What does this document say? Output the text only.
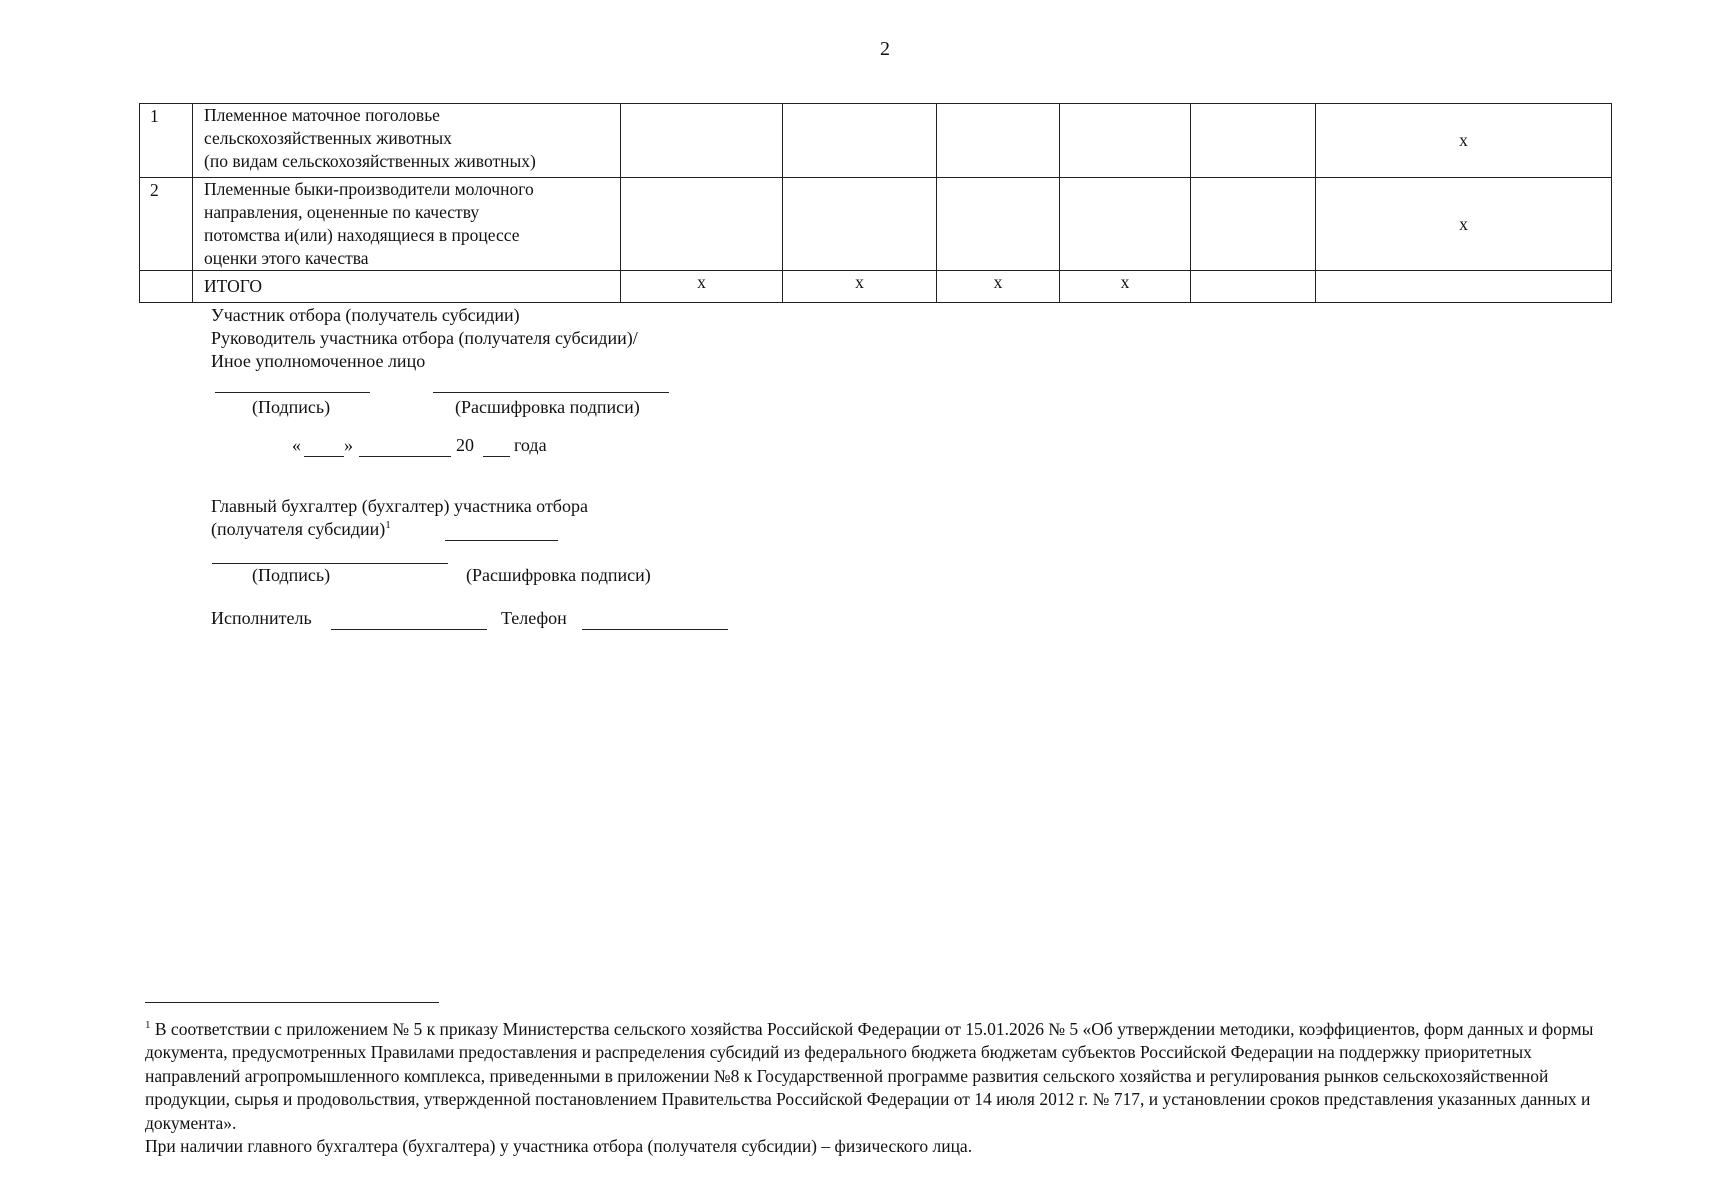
2
1	Племенное маточное поголовье
сельскохозяйственных животных
(по видам сельскохозяйственных животных)						x
2	Племенные быки-производители молочного
направления, оцененные по качеству
потомства и(или) находящиеся в процессе
оценки этого качества						x

	ИТОГО	x	x	x	x		
Участник отбора (получатель субсидии)
Руководитель участника отбора (получателя субсидии)/
Иное уполномоченное лицо
(Подпись)	(Расшифровка подписи)
« »	20 года
Главный бухгалтер (бухгалтер) участника отбора
(получателя субсидии)$^1$
(Подпись)	(Расшифровка подписи)
Исполнитель	Телефон

$^1$ В соответствии с приложением № 5 к приказу Министерства сельского хозяйства Российской Федерации от 15.01.2026 № 5 «Об утверждении методики, коэффициентов, форм данных и формы документа, предусмотренных Правилами предоставления и распределения субсидий из федерального бюджета бюджетам субъектов Российской Федерации на поддержку приоритетных направлений агропромышленного комплекса, приведенными в приложении №8 к Государственной программе развития сельского хозяйства и регулирования рынков сельскохозяйственной продукции, сырья и продовольствия, утвержденной постановлением Правительства Российской Федерации от 14 июля 2012 г. № 717, и установлении сроков представления указанных данных и документа».

При наличии главного бухгалтера (бухгалтера) у участника отбора (получателя субсидии) – физического лица.
